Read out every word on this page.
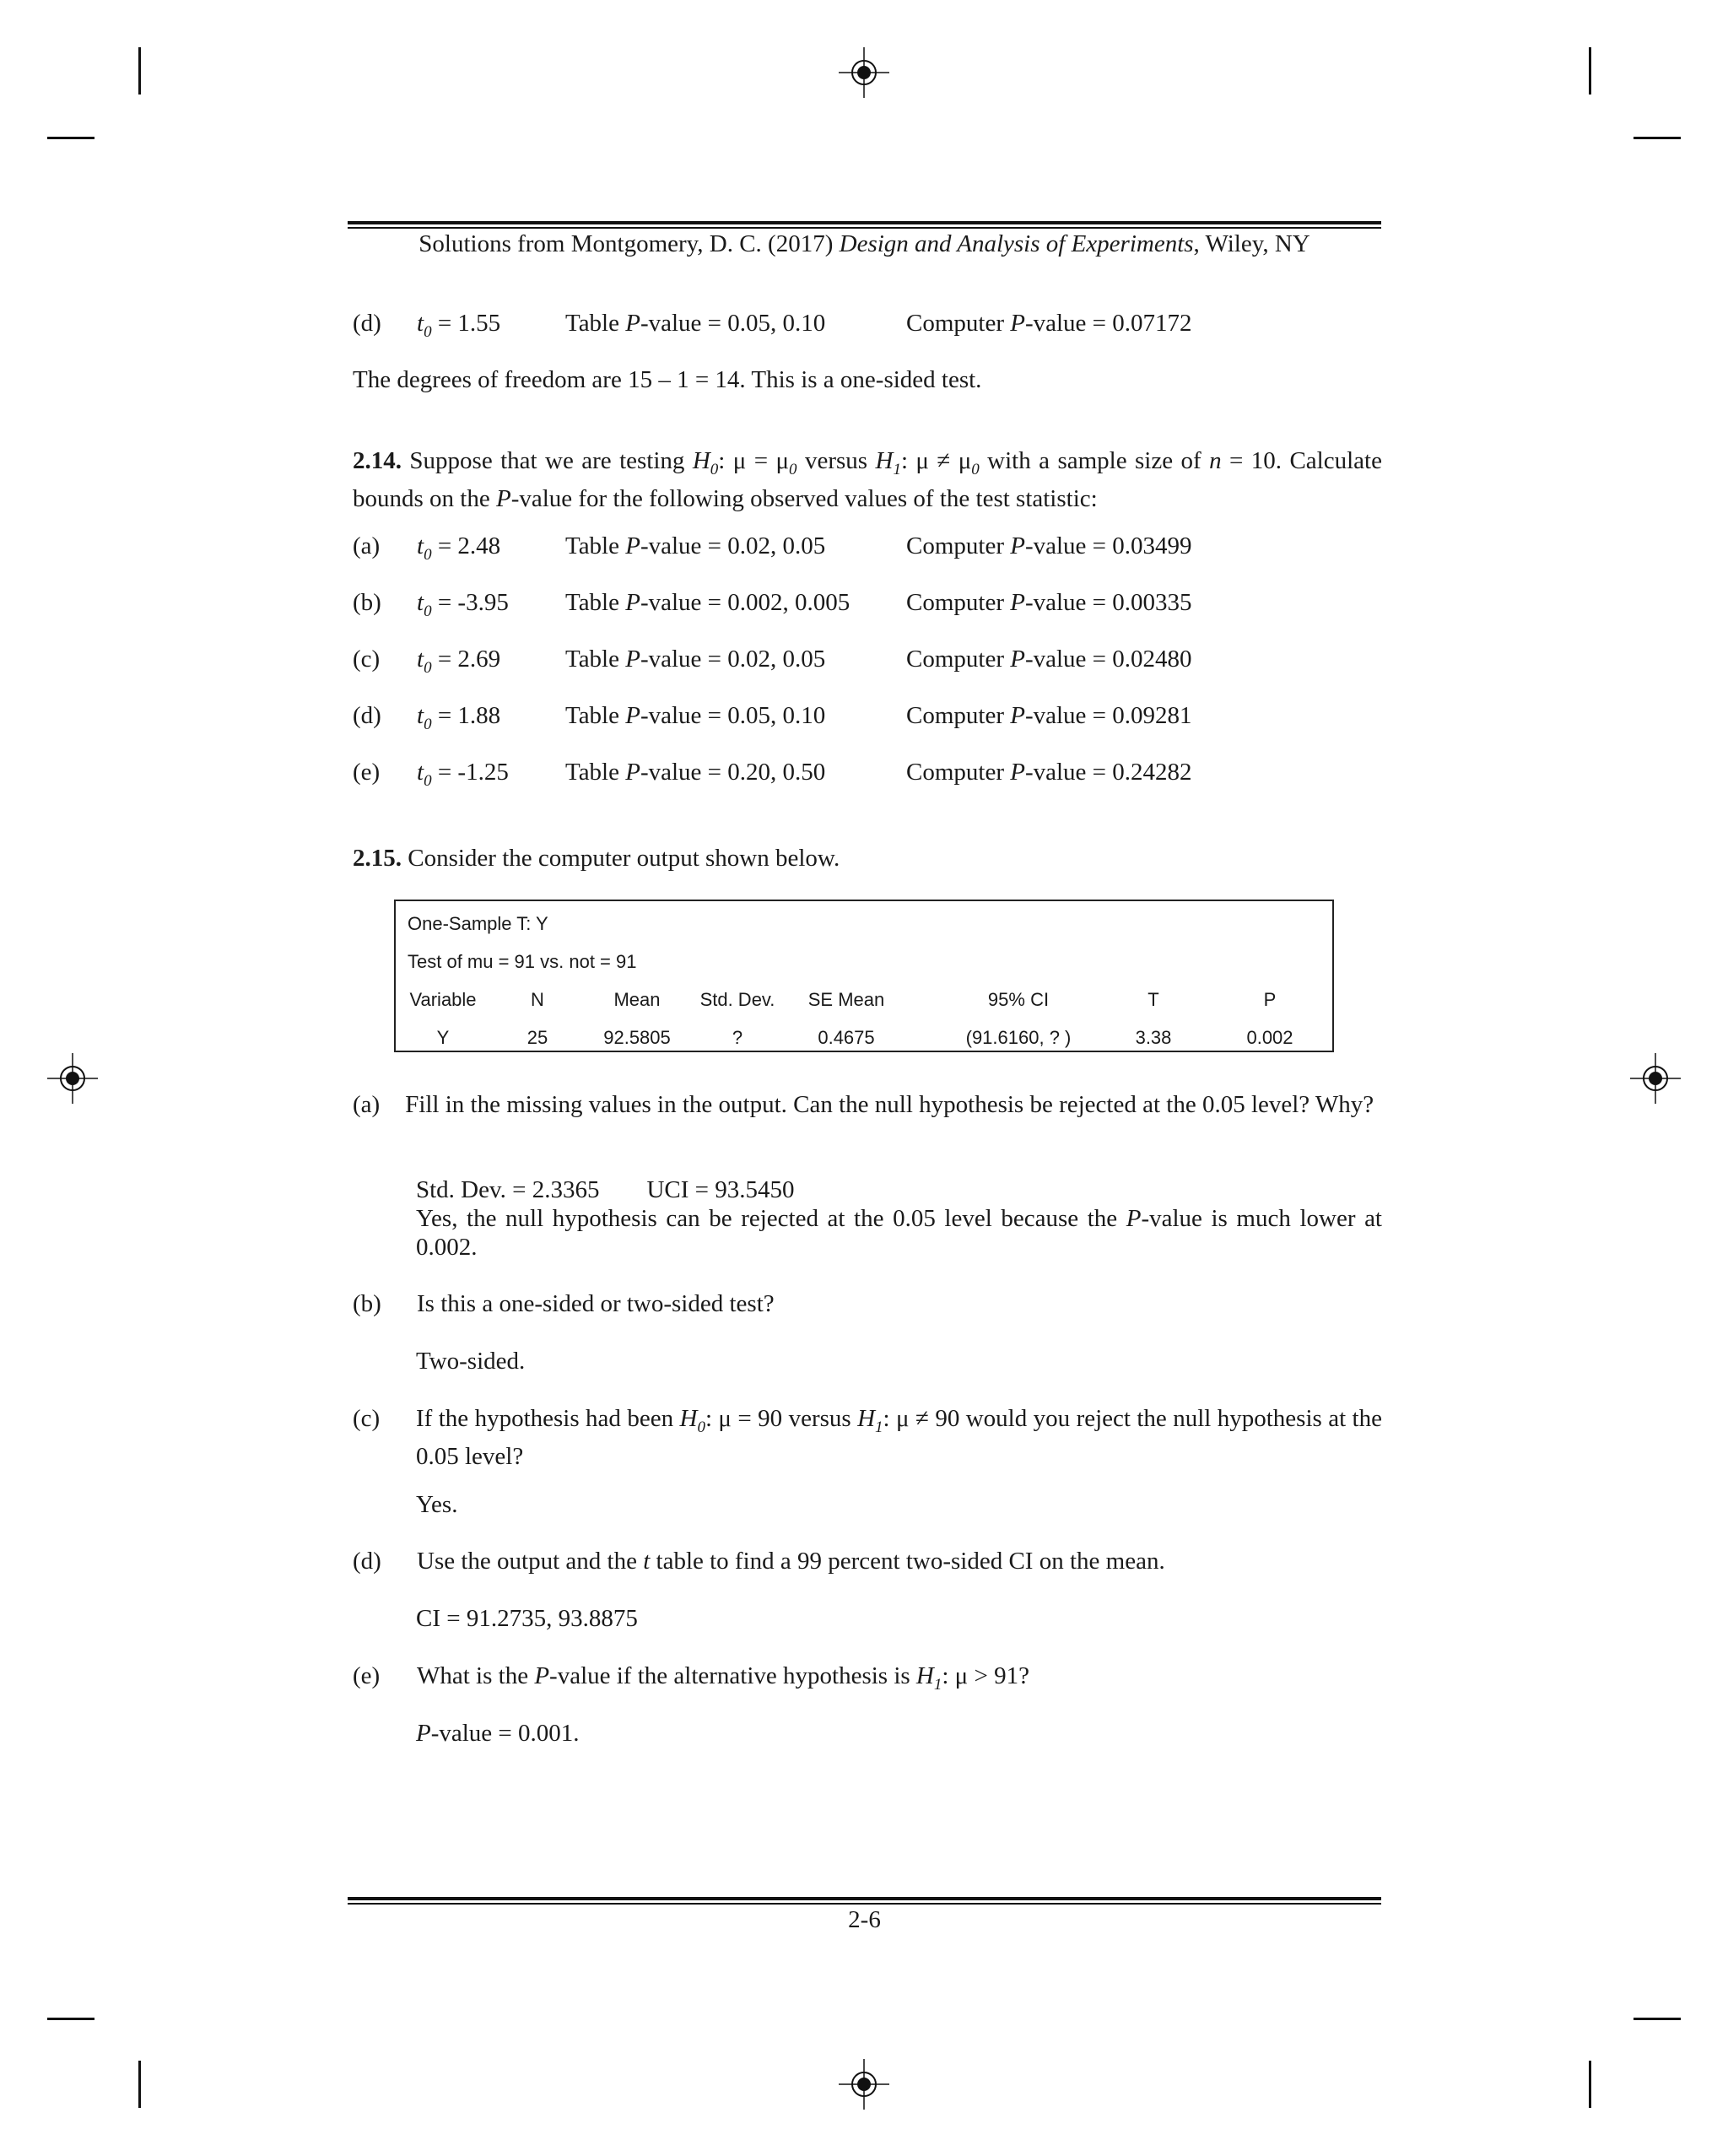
Solutions from Montgomery, D. C. (2017) Design and Analysis of Experiments, Wiley, NY
(d) $t_0 = 1.55$	Table P-value = 0.05, 0.10	Computer P-value = 0.07172
The degrees of freedom are 15 – 1 = 14. This is a one-sided test.
2.14. Suppose that we are testing $H_0$: $\mu = \mu_0$ versus $H_1$: $\mu \ne \mu_0$ with a sample size of n = 10. Calculate bounds on the P-value for the following observed values of the test statistic:
(a) $t_0 = 2.48$	Table P-value = 0.02, 0.05	Computer P-value = 0.03499
(b) $t_0 = -3.95$ Table P-value = 0.002, 0.005 Computer P-value = 0.00335
(c) $t_0 = 2.69$	Table P-value = 0.02, 0.05	Computer P-value = 0.02480
(d) $t_0 = 1.88$	Table P-value = 0.05, 0.10	Computer P-value = 0.09281
(e) $t_0 = -1.25$ Table P-value = 0.20, 0.50	Computer P-value = 0.24282
2.15. Consider the computer output shown below.
One-Sample T: Y
Test of mu = 91 vs. not = 91
Variable	N	Mean	Std. Dev.	SE Mean	95% CI	T	P
Y	25	92.5805	?	0.4675	(91.6160, ? )	3.38	0.002
(a) Fill in the missing values in the output. Can the null hypothesis be rejected at the 0.05 level? Why?
Std. Dev. = 2.3365 UCI = 93.5450
Yes, the null hypothesis can be rejected at the 0.05 level because the P-value is much lower at 0.002.
(b) Is this a one-sided or two-sided test?
Two-sided.
(c) If the hypothesis had been $H_0$: μ = 90 versus $H_1$: μ ≠ 90 would you reject the null hypothesis at the 0.05 level?
Yes.
(d) Use the output and the t table to find a 99 percent two-sided CI on the mean.
CI = 91.2735, 93.8875
(e) What is the P-value if the alternative hypothesis is $H_1$: μ > 91?
P-value = 0.001.
2-6
